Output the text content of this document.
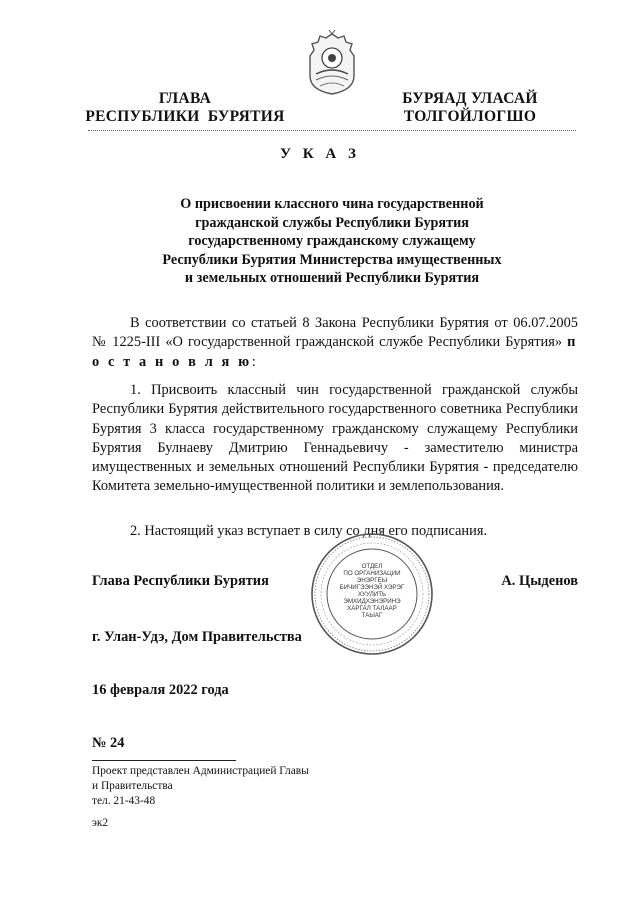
ГЛАВА
РЕСПУБЛИКИ  БУРЯТИЯ
БУРЯАД УЛАСАЙ
ТОЛГОЙЛОГШО
У К А З
О присвоении классного чина государственной
гражданской службы Республики Бурятия
государственному гражданскому служащему
Республики Бурятия Министерства имущественных
и земельных отношений Республики Бурятия

В соответствии со статьей 8 Закона Республики Бурятия от 06.07.2005 № 1225-III «О государственной гражданской службе Республики Бурятия» п о с т а н о в л я ю:

1. Присвоить классный чин государственной гражданской службы Республики Бурятия действительного государственного советника Республики Бурятия 3 класса государственному гражданскому служащему Республики Бурятия Булнаеву Дмитрию Геннадьевичу - заместителю министра имущественных и земельных отношений Республики Бурятия - председателю Комитета земельно-имущественной политики и землепользования.

2. Настоящий указ вступает в силу со дня его подписания.

Глава Республики Бурятия	А. Цыденов
ОТДЕЛ
ПО ОРГАНИЗАЦИИ
ЭНЭРГЕЫ
БИЧИГЭЭНЭЙ ХЭРЭГ
ХУУЛИТЬ
ЭМХИДХЭНЭРИНЭ
ХАРГАЛ ТАЛААР
ТАЫАГ
г. Улан-Удэ, Дом Правительства
16 февраля 2022 года
№ 24
Проект представлен Администрацией Главы
и Правительства
тел. 21-43-48
эк2
